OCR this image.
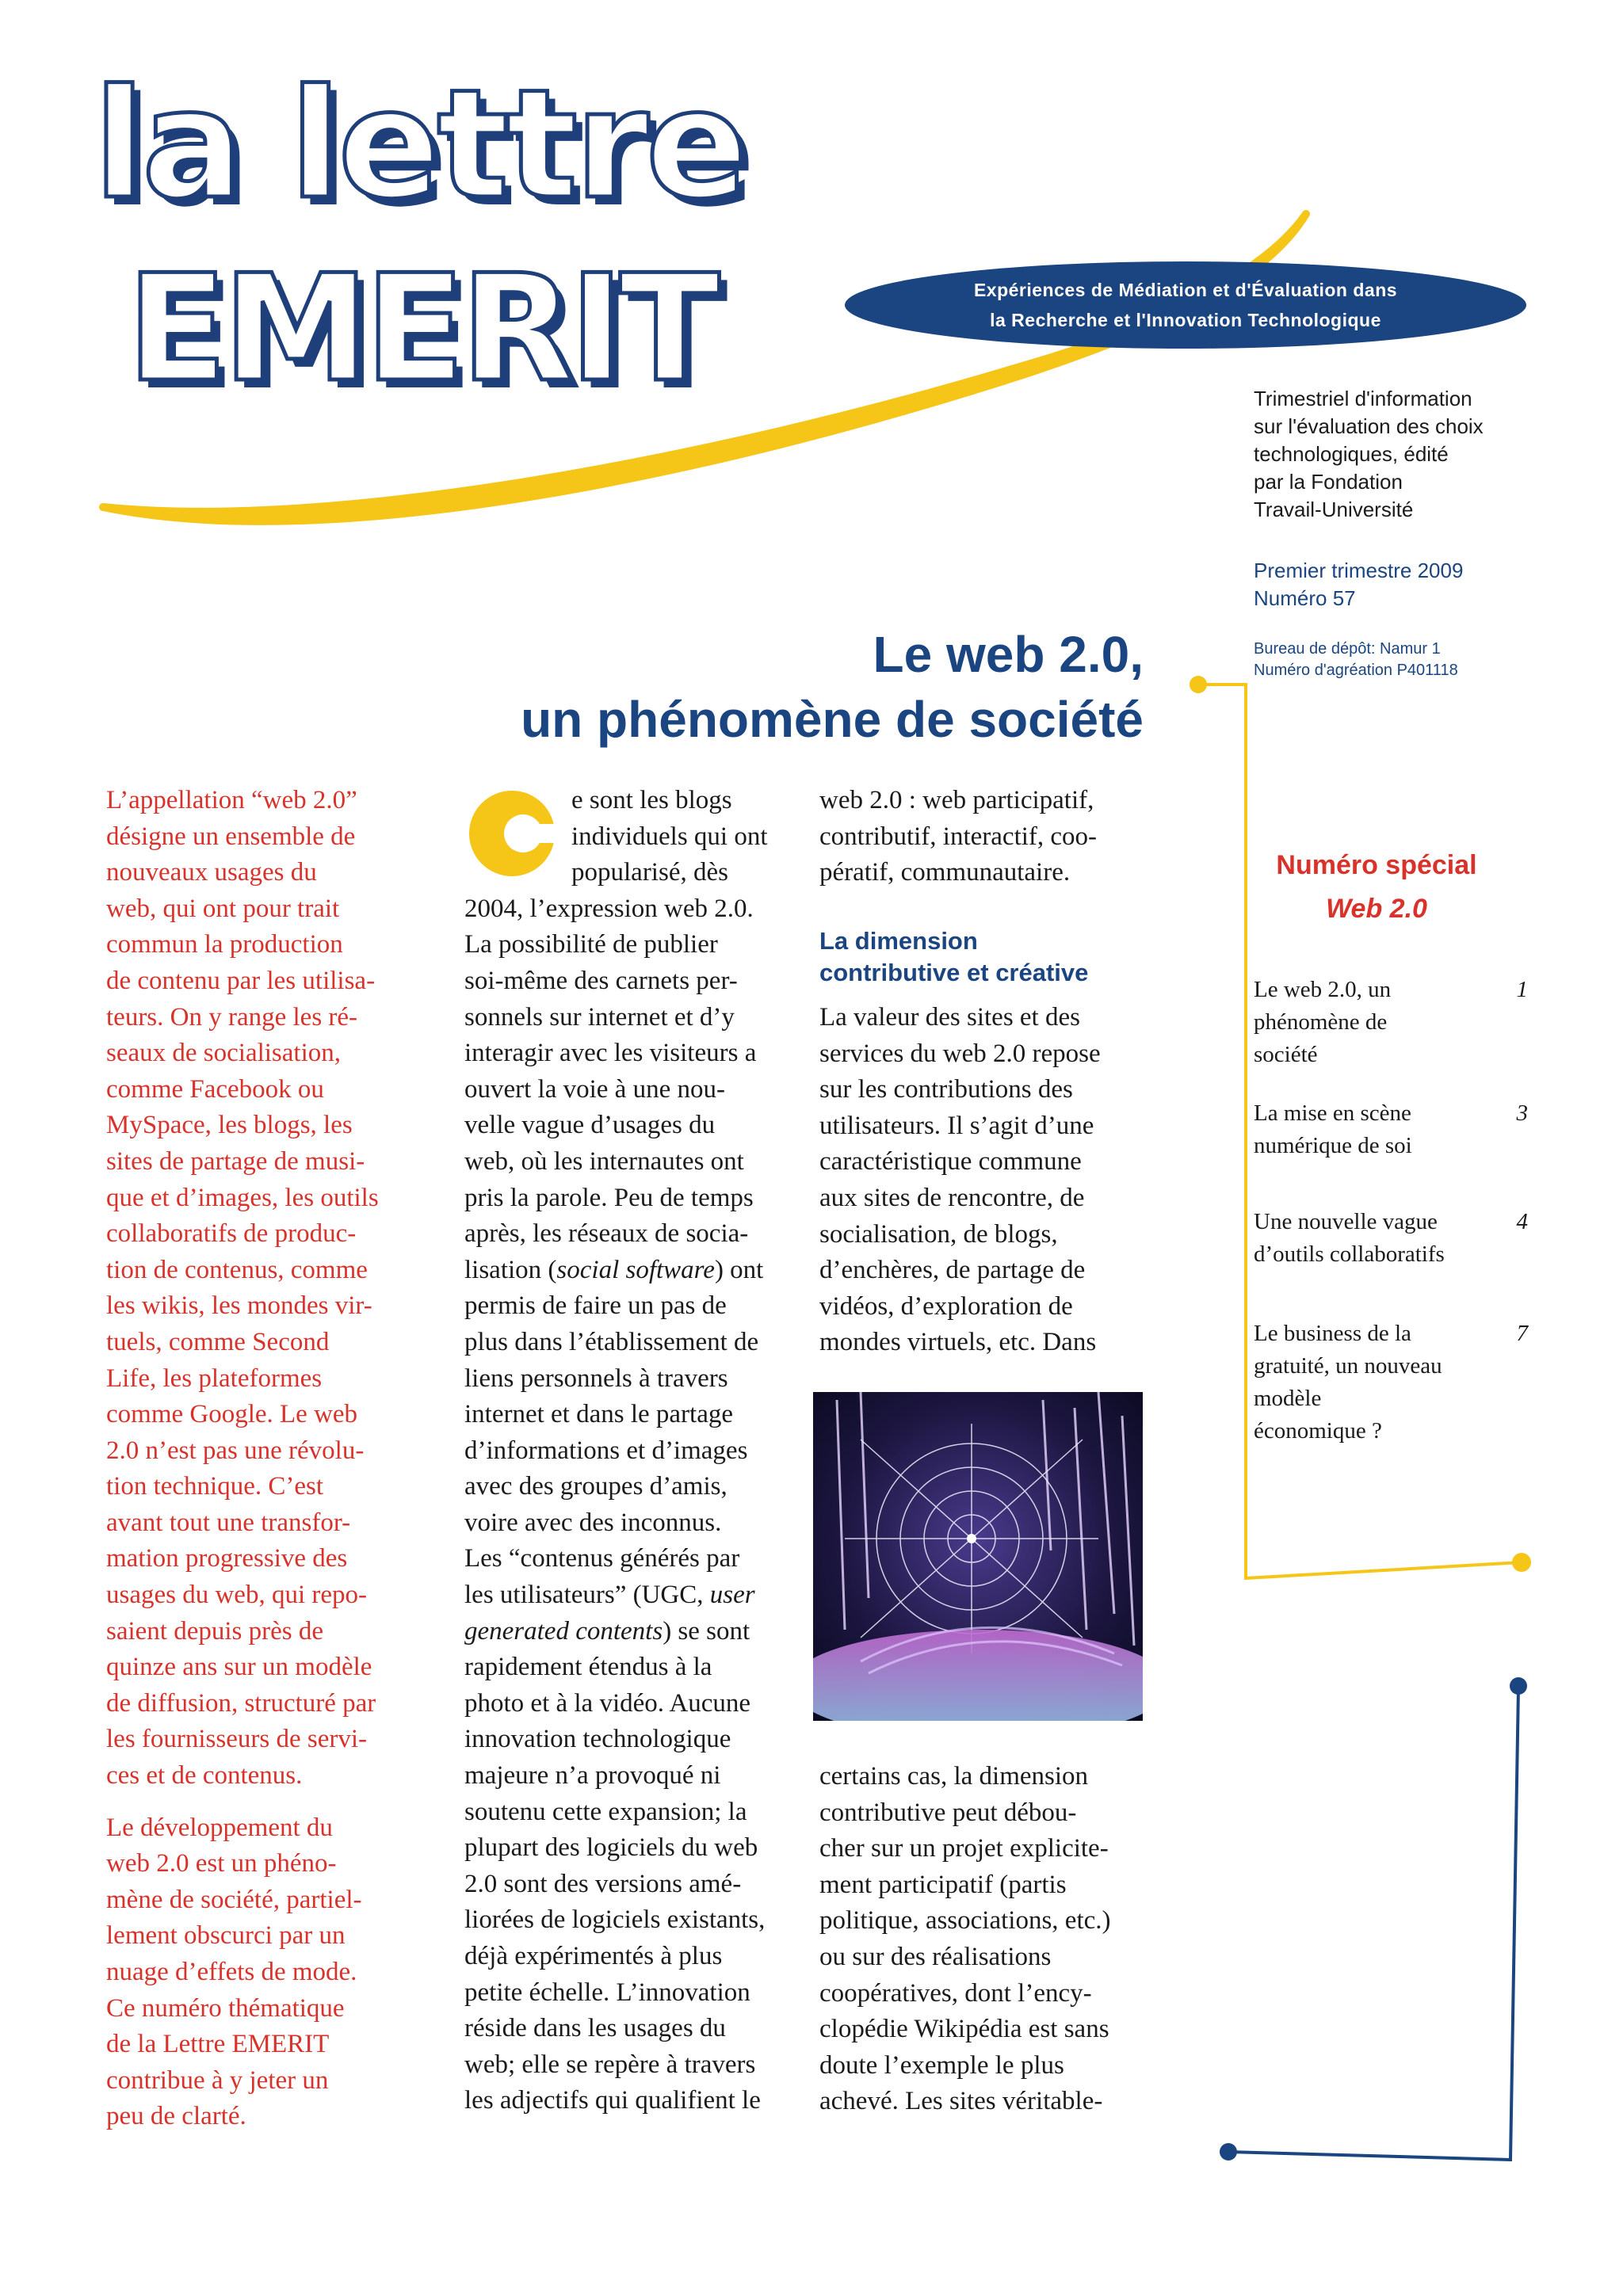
la lettre
EMERIT	Expériences de Médiation et d'Évaluation dans
la Recherche et l'Innovation Technologique
Trimestriel d'information
sur l'évaluation des choix
technologiques, édité
par la Fondation
Travail-Université
Premier trimestre 2009
Numéro 57
Bureau de dépôt: Namur 1
Numéro d'agréation P401118
Le web 2.0,
un phénomène de société

L’appellation “web 2.0”
désigne un ensemble de
nouveaux usages du
web, qui ont pour trait
commun la production
de contenu par les utilisa-
teurs. On y range les ré-
seaux de socialisation,
comme Facebook ou
MySpace, les blogs, les
sites de partage de musi-
que et d’images, les outils
collaboratifs de produc-
tion de contenus, comme
les wikis, les mondes vir-
tuels, comme Second
Life, les plateformes
comme Google. Le web
2.0 n’est pas une révolu-
tion technique. C’est
avant tout une transfor-
mation progressive des
usages du web, qui repo-
saient depuis près de
quinze ans sur un modèle
de diffusion, structuré par
les fournisseurs de servi-
ces et de contenus.

Le développement du
web 2.0 est un phéno-
mène de société, partiel-
lement obscurci par un
nuage d’effets de mode.
Ce numéro thématique
de la Lettre EMERIT
contribue à y jeter un
peu de clarté.

C
e sont les blogs
individuels qui ont
popularisé, dès
2004, l’expression web 2.0.
La possibilité de publier
soi-même des carnets per-
sonnels sur internet et d’y
interagir avec les visiteurs a
ouvert la voie à une nou-
velle vague d’usages du
web, où les internautes ont
pris la parole. Peu de temps
après, les réseaux de socia-
lisation (social software) ont
permis de faire un pas de
plus dans l’établissement de
liens personnels à travers
internet et dans le partage
d’informations et d’images
avec des groupes d’amis,
voire avec des inconnus.
Les “contenus générés par
les utilisateurs” (UGC, user
generated contents) se sont
rapidement étendus à la
photo et à la vidéo. Aucune
innovation technologique
majeure n’a provoqué ni
soutenu cette expansion; la
plupart des logiciels du web
2.0 sont des versions amé-
liorées de logiciels existants,
déjà expérimentés à plus
petite échelle. L’innovation
réside dans les usages du
web; elle se repère à travers
les adjectifs qui qualifient le
web 2.0 : web participatif,
contributif, interactif, coo-
pératif, communautaire.
La dimension
contributive et créative
La valeur des sites et des
services du web 2.0 repose
sur les contributions des
utilisateurs. Il s’agit d’une
caractéristique commune
aux sites de rencontre, de
socialisation, de blogs,
d’enchères, de partage de
vidéos, d’exploration de
mondes virtuels, etc. Dans
certains cas, la dimension
contributive peut débou-
cher sur un projet explicite-
ment participatif (partis
politique, associations, etc.)
ou sur des réalisations
coopératives, dont l’ency-
clopédie Wikipédia est sans
doute l’exemple le plus
achevé. Les sites véritable-
Numéro spécial
Web 2.0
Le web 2.0, un
phénomène de
société
1
La mise en scène
numérique de soi
3
Une nouvelle vague
d’outils collaboratifs
4
Le business de la
gratuité, un nouveau
modèle
économique ?
7
